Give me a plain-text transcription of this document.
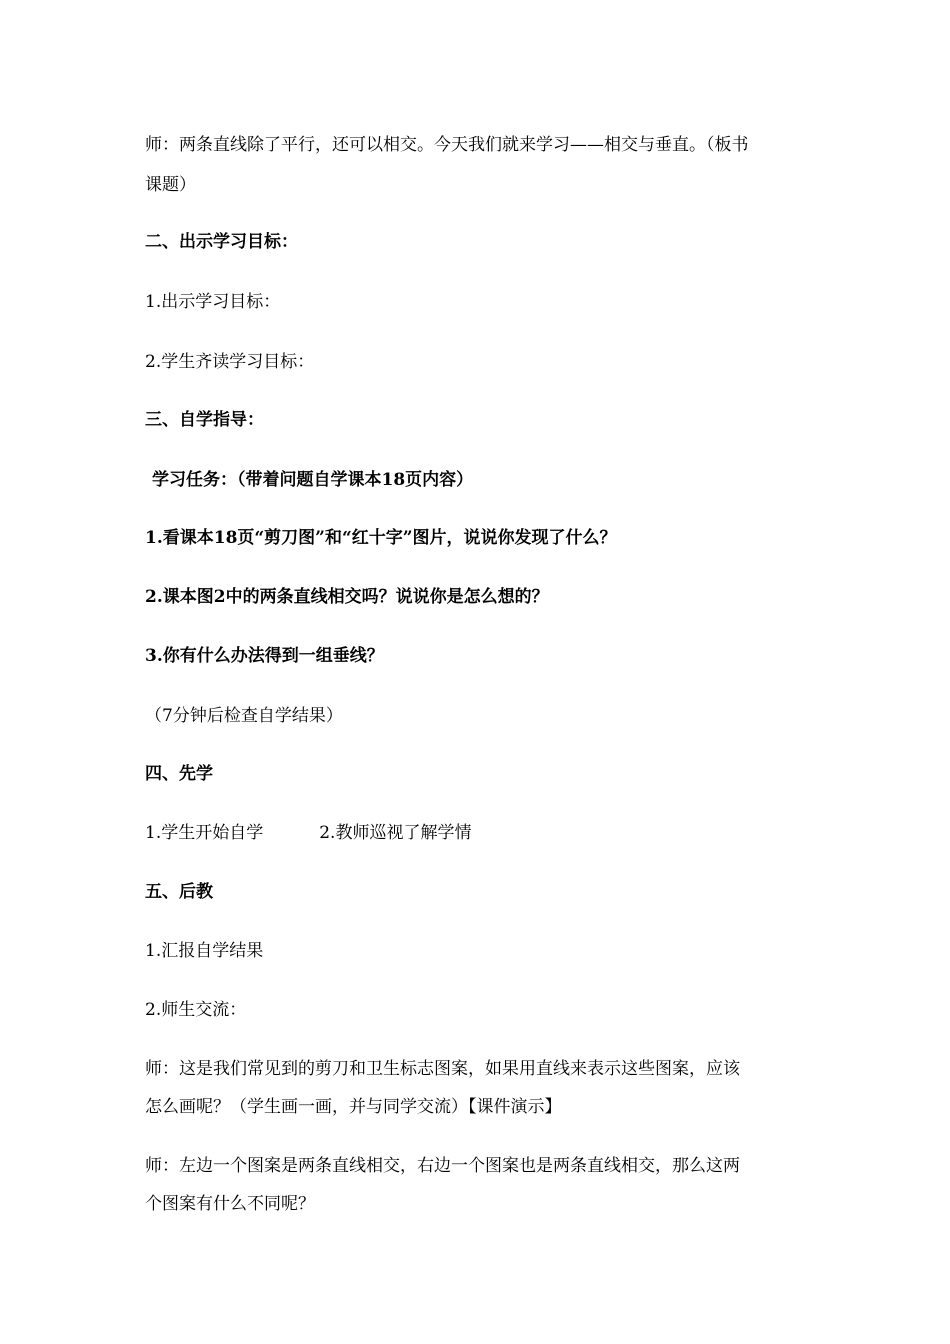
师：两条直线除了平行，还可以相交。今天我们就来学习——相交与垂直。（板书
课题）
二、出示学习目标：
1.出示学习目标：
2.学生齐读学习目标：
三、自学指导：
学习任务：（带着问题自学课本18页内容）
1.看课本18页“剪刀图”和“红十字”图片，说说你发现了什么？
2.课本图2中的两条直线相交吗？说说你是怎么想的？
3.你有什么办法得到一组垂线？
（7分钟后检查自学结果）
四、先学
1.学生开始自学	2.教师巡视了解学情
五、后教
1.汇报自学结果
2.师生交流：
师：这是我们常见到的剪刀和卫生标志图案，如果用直线来表示这些图案，应该
怎么画呢？（学生画一画，并与同学交流）【课件演示】
师：左边一个图案是两条直线相交，右边一个图案也是两条直线相交，那么这两
个图案有什么不同呢？
